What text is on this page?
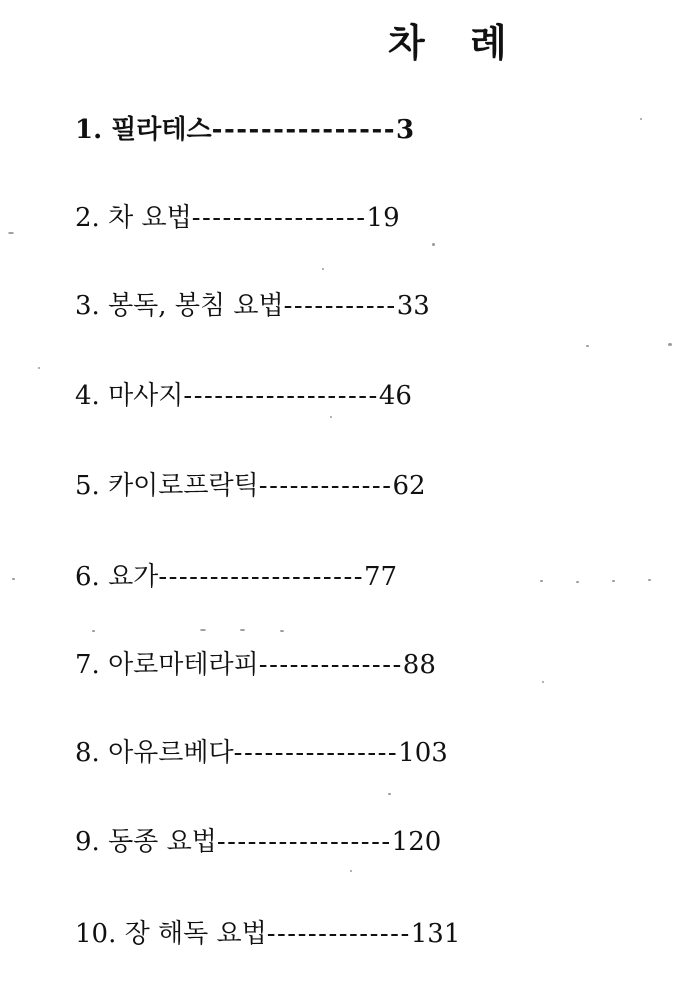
차 례
1. 필라테스---------------3
2. 차 요법-----------------19
3. 봉독, 봉침 요법-----------33
4. 마사지-------------------46
5. 카이로프락틱-------------62
6. 요가--------------------77
7. 아로마테라피--------------88
8. 아유르베다----------------103
9. 동종 요법-----------------120
10. 장 해독 요법--------------131
